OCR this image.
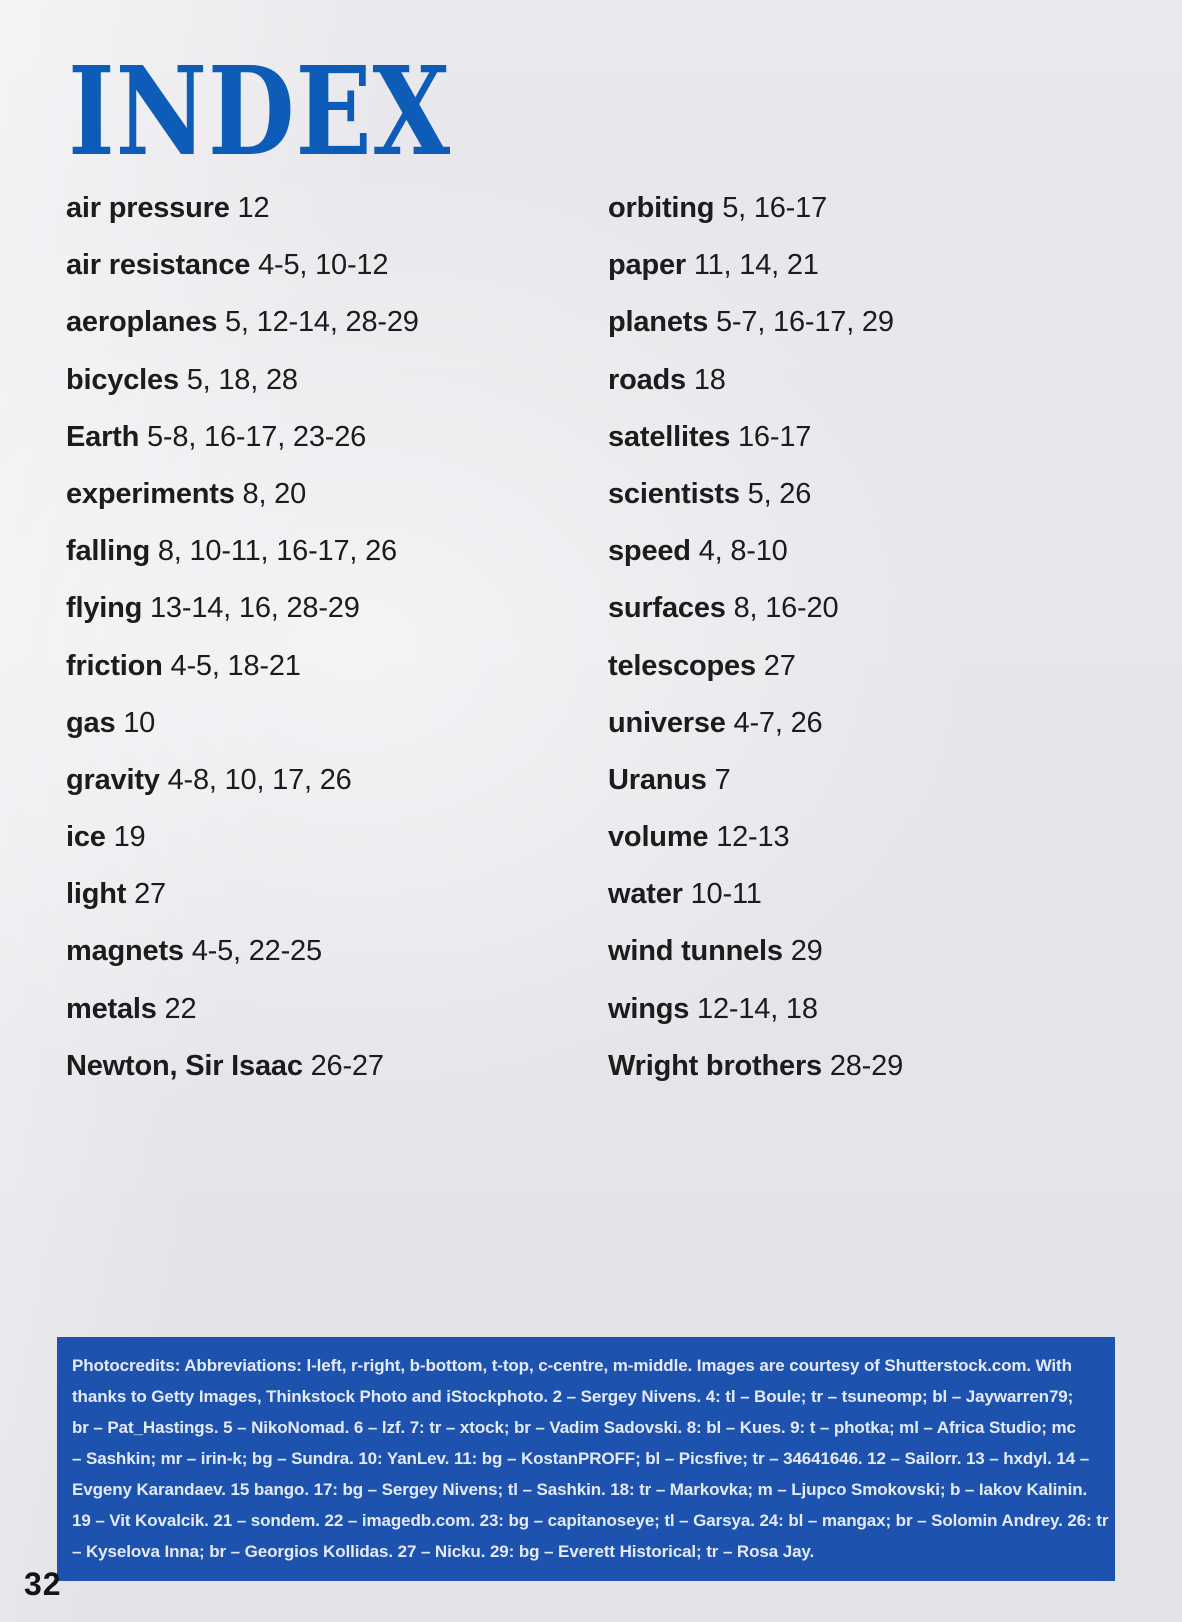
INDEX
air pressure 12
air resistance 4-5, 10-12
aeroplanes 5, 12-14, 28-29
bicycles 5, 18, 28
Earth 5-8, 16-17, 23-26
experiments 8, 20
falling 8, 10-11, 16-17, 26
flying 13-14, 16, 28-29
friction 4-5, 18-21
gas 10
gravity 4-8, 10, 17, 26
ice 19
light 27
magnets 4-5, 22-25
metals 22
Newton, Sir Isaac 26-27
orbiting 5, 16-17
paper 11, 14, 21
planets 5-7, 16-17, 29
roads 18
satellites 16-17
scientists 5, 26
speed 4, 8-10
surfaces 8, 16-20
telescopes 27
universe 4-7, 26
Uranus 7
volume 12-13
water 10-11
wind tunnels 29
wings 12-14, 18
Wright brothers 28-29
Photocredits: Abbreviations: l-left, r-right, b-bottom, t-top, c-centre, m-middle. Images are courtesy of Shutterstock.com. With
thanks to Getty Images, Thinkstock Photo and iStockphoto. 2 – Sergey Nivens. 4: tl – Boule; tr – tsuneomp; bl – Jaywarren79;
br – Pat_Hastings. 5 – NikoNomad. 6 – lzf. 7: tr – xtock; br – Vadim Sadovski. 8: bl – Kues. 9: t – photka; ml – Africa Studio; mc
– Sashkin; mr – irin-k; bg – Sundra. 10: YanLev. 11: bg – KostanPROFF; bl – Picsfive; tr – 34641646. 12 – Sailorr. 13 – hxdyl. 14 –
Evgeny Karandaev. 15 bango. 17: bg – Sergey Nivens; tl – Sashkin. 18: tr – Markovka; m – Ljupco Smokovski; b – Iakov Kalinin.
19 – Vit Kovalcik. 21 – sondem. 22 – imagedb.com. 23: bg – capitanoseye; tl – Garsya. 24: bl – mangax; br – Solomin Andrey. 26: tr
– Kyselova Inna; br – Georgios Kollidas. 27 – Nicku. 29: bg – Everett Historical; tr – Rosa Jay.
32
